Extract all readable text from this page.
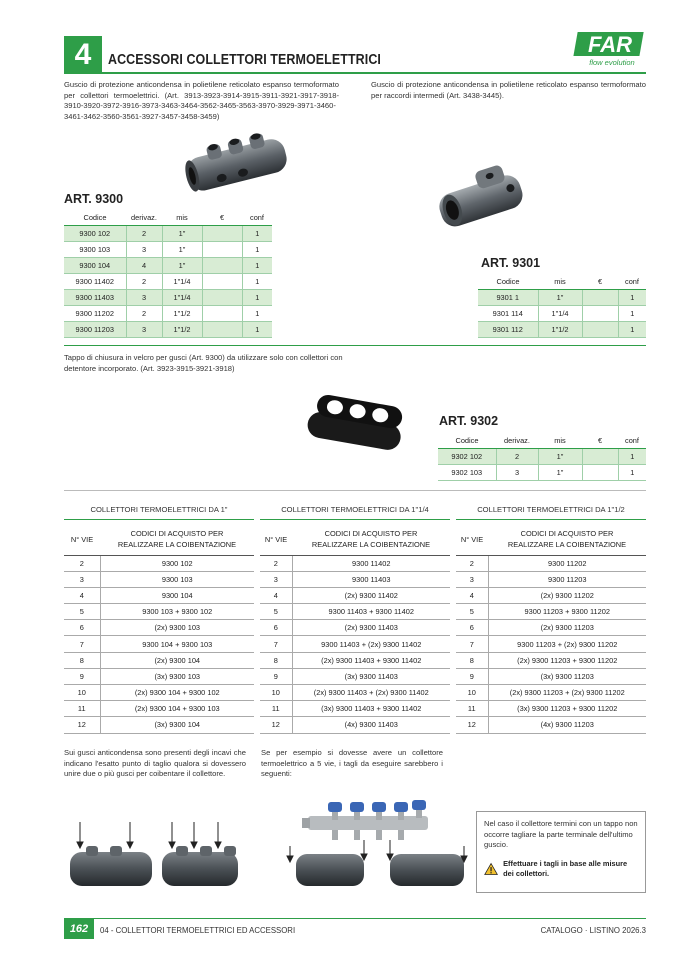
4	ACCESSORI COLLETTORI TERMOELETTRICI
FAR
flow evolution
Guscio di protezione anticondensa in polietilene reticolato espanso termoformato per collettori termoelettrici. (Art. 3913-3923-3914-3915-3911-3921-3917-3918-3910-3920-3972-3916-3973-3463-3464-3562-3465-3563-3970-3929-3971-3460-3461-3462-3560-3561-3927-3457-3458-3459)
Guscio di protezione anticondensa in polietilene reticolato espanso termoformato per raccordi intermedi (Art. 3438-3445).
ART. 9300
Codice	derivaz.	mis	€	conf
9300 102	2	1"		1
9300 103	3	1"		1
9300 104	4	1"		1
9300 11402	2	1"1/4		1
9300 11403	3	1"1/4		1
9300 11202	2	1"1/2		1
9300 11203	3	1"1/2		1
ART. 9301
Codice	mis	€	conf
9301 1	1"		1
9301 114	1"1/4		1
9301 112	1"1/2		1
Tappo di chiusura in velcro per gusci (Art. 9300) da utilizzare solo con collettori con detentore incorporato. (Art. 3923-3915-3921-3918)
ART. 9302
Codice	derivaz.	mis	€	conf
9302 102	2	1"		1
9302 103	3	1"		1
COLLETTORI TERMOELETTRICI DA 1"
N° VIE	CODICI DI ACQUISTO PER
REALIZZARE LA COIBENTAZIONE
2	9300 102
3	9300 103
4	9300 104
5	9300 103 + 9300 102
6	(2x) 9300 103
7	9300 104 + 9300 103
8	(2x) 9300 104
9	(3x) 9300 103
10	(2x) 9300 104 + 9300 102
11	(2x) 9300 104 + 9300 103
12	(3x) 9300 104
COLLETTORI TERMOELETTRICI DA 1"1/4
N° VIE	CODICI DI ACQUISTO PER
REALIZZARE LA COIBENTAZIONE
2	9300 11402
3	9300 11403
4	(2x) 9300 11402
5	9300 11403 + 9300 11402
6	(2x) 9300 11403
7	9300 11403 + (2x) 9300 11402
8	(2x) 9300 11403 + 9300 11402
9	(3x) 9300 11403
10	(2x) 9300 11403 + (2x) 9300 11402
11	(3x) 9300 11403 + 9300 11402
12	(4x) 9300 11403
COLLETTORI TERMOELETTRICI DA 1"1/2
N° VIE	CODICI DI ACQUISTO PER
REALIZZARE LA COIBENTAZIONE
2	9300 11202
3	9300 11203
4	(2x) 9300 11202
5	9300 11203 + 9300 11202
6	(2x) 9300 11203
7	9300 11203 + (2x) 9300 11202
8	(2x) 9300 11203 + 9300 11202
9	(3x) 9300 11203
10	(2x) 9300 11203 + (2x) 9300 11202
11	(3x) 9300 11203 + 9300 11202
12	(4x) 9300 11203
Sui gusci anticondensa sono presenti degli incavi che indicano l'esatto punto di taglio qualora si dovessero unire due o più gusci per coibentare il collettore.
Se per esempio si dovesse avere un collettore termoelettrico a 5 vie, i tagli da eseguire sarebbero i seguenti:
Nel caso il collettore termini con un tappo non occorre tagliare la parte terminale dell'ultimo guscio.
Effettuare i tagli in base alle misure dei collettori.
162	04 - COLLETTORI TERMOELETTRICI ED ACCESSORI	CATALOGO · LISTINO 2026.3
